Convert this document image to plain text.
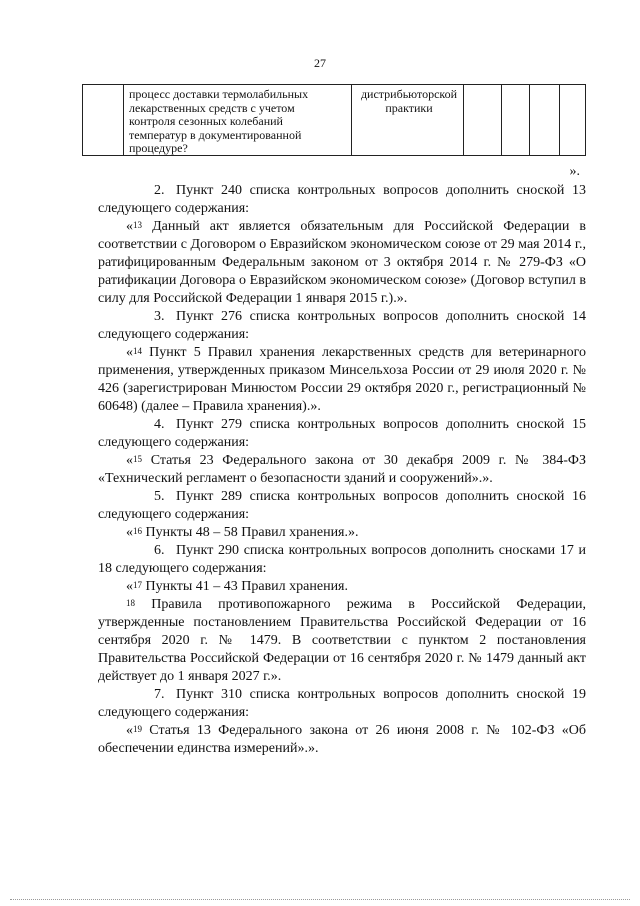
27
процесс доставки термолабильных лекарственных средств с учетом контроля сезонных колебаний температур в документированной процедуре?
дистрибьюторской практики
».

2. Пункт 240 списка контрольных вопросов дополнить сноской 13 следующего содержания:

«$^{13}$ Данный акт является обязательным для Российской Федерации в соответствии с Договором о Евразийском экономическом союзе от 29 мая 2014 г., ратифицированным Федеральным законом от 3 октября 2014 г. № 279-ФЗ «О ратификации Договора о Евразийском экономическом союзе» (Договор вступил в силу для Российской Федерации 1 января 2015 г.).».

3. Пункт 276 списка контрольных вопросов дополнить сноской 14 следующего содержания:

«$^{14}$ Пункт 5 Правил хранения лекарственных средств для ветеринарного применения, утвержденных приказом Минсельхоза России от 29 июля 2020 г. № 426 (зарегистрирован Минюстом России 29 октября 2020 г., регистрационный № 60648) (далее – Правила хранения).».

4. Пункт 279 списка контрольных вопросов дополнить сноской 15 следующего содержания:

«$^{15}$ Статья 23 Федерального закона от 30 декабря 2009 г. № 384-ФЗ «Технический регламент о безопасности зданий и сооружений».».

5. Пункт 289 списка контрольных вопросов дополнить сноской 16 следующего содержания:

«$^{16}$ Пункты 48 – 58 Правил хранения.».

6. Пункт 290 списка контрольных вопросов дополнить сносками 17 и 18 следующего содержания:

«$^{17}$ Пункты 41 – 43 Правил хранения.

$^{18}$ Правила противопожарного режима в Российской Федерации, утвержденные постановлением Правительства Российской Федерации от 16 сентября 2020 г. № 1479. В соответствии с пунктом 2 постановления Правительства Российской Федерации от 16 сентября 2020 г. № 1479 данный акт действует до 1 января 2027 г.».

7. Пункт 310 списка контрольных вопросов дополнить сноской 19 следующего содержания:

«$^{19}$ Статья 13 Федерального закона от 26 июня 2008 г. № 102-ФЗ «Об обеспечении единства измерений».».
